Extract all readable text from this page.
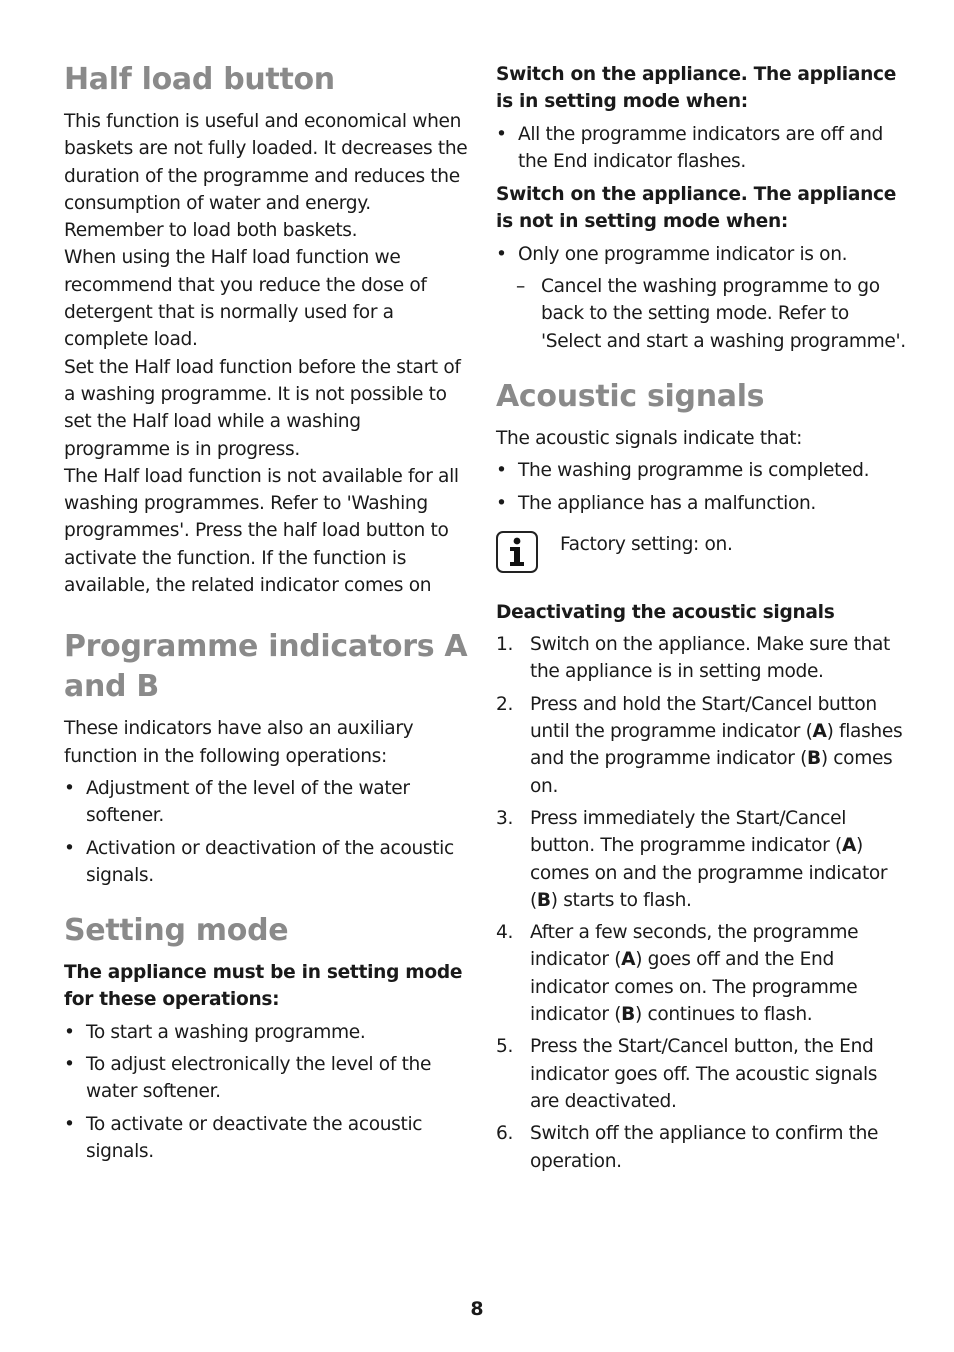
Half load button

This function is useful and economical when baskets are not fully loaded. It decreases the duration of the programme and reduces the consumption of water and energy.

Remember to load both baskets.

When using the Half load function we recommend that you reduce the dose of detergent that is normally used for a complete load.

Set the Half load function before the start of a washing programme. It is not possible to set the Half load while a washing programme is in progress.

The Half load function is not available for all washing programmes. Refer to 'Washing programmes'. Press the half load button to activate the function. If the function is available, the related indicator comes on

Programme indicators A and B

These indicators have also an auxiliary function in the following operations:

• Adjustment of the level of the water softener.
• Activation or deactivation of the acoustic signals.
Setting mode

The appliance must be in setting mode for these operations:

• To start a washing programme.
• To adjust electronically the level of the water softener.
• To activate or deactivate the acoustic signals.

Switch on the appliance. The appliance is in setting mode when:

• All the programme indicators are off and the End indicator flashes.

Switch on the appliance. The appliance is not in setting mode when:

• Only one programme indicator is on.
– Cancel the washing programme to go back to the setting mode. Refer to 'Select and start a washing programme'.
Acoustic signals

The acoustic signals indicate that:

• The washing programme is completed.
• The appliance has a malfunction.
Factory setting: on.

Deactivating the acoustic signals

1. Switch on the appliance. Make sure that the appliance is in setting mode.
2. Press and hold the Start/Cancel button until the programme indicator (A) flashes and the programme indicator (B) comes on.
3. Press immediately the Start/Cancel button. The programme indicator (A) comes on and the programme indicator (B) starts to flash.
4. After a few seconds, the programme indicator (A) goes off and the End indicator comes on. The programme indicator (B) continues to flash.
5. Press the Start/Cancel button, the End indicator goes off. The acoustic signals are deactivated.
6. Switch off the appliance to confirm the operation.
8
